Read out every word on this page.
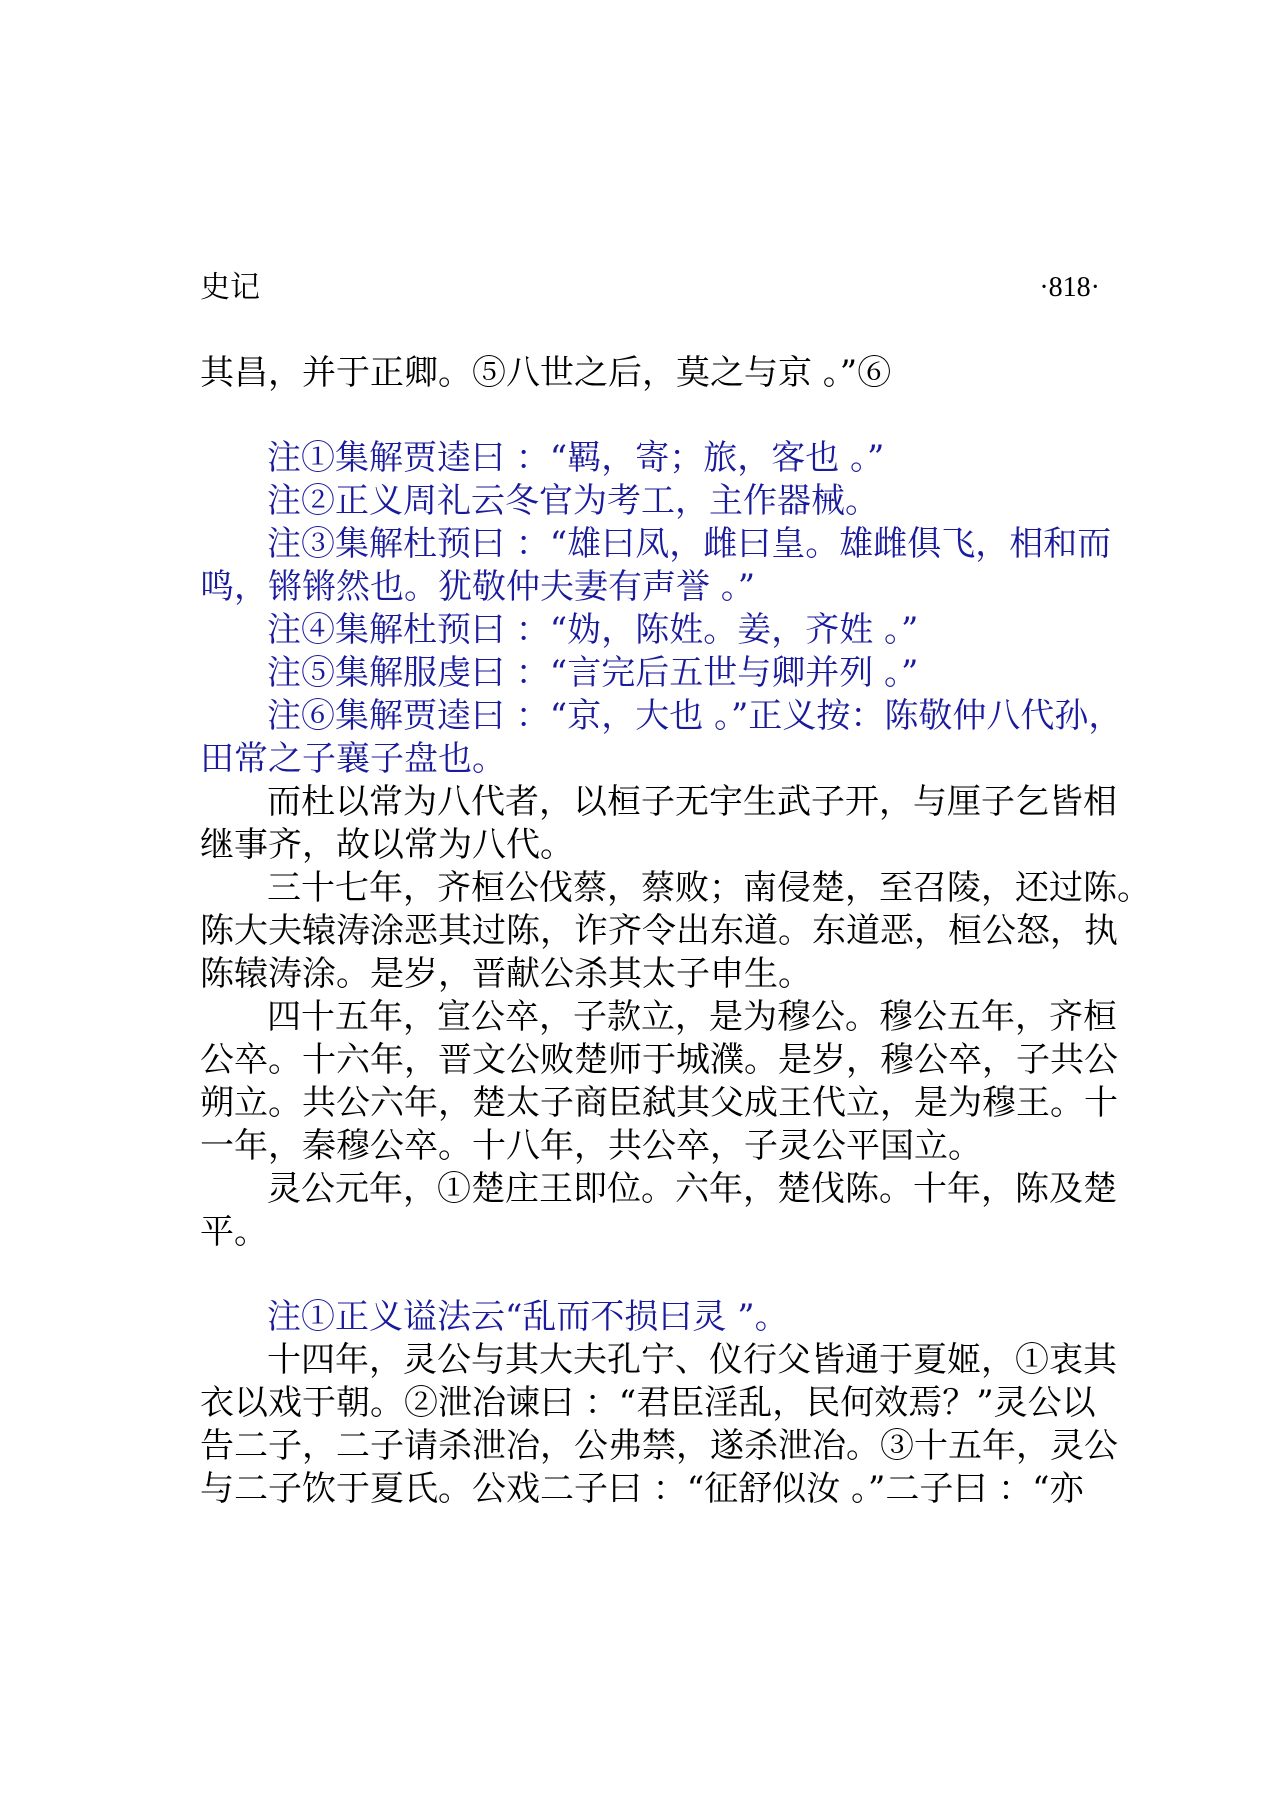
史记	·818·

其昌，并于正卿。⑤八世之后，莫之与京 。”⑥

注①集解贾逵曰 ：“羁，寄；旅，客也 。”

注②正义周礼云冬官为考工，主作器械。

注③集解杜预曰 ：“雄曰凤，雌曰皇。雄雌俱飞，相和而

鸣，锵锵然也。犹敬仲夫妻有声誉 。”

注④集解杜预曰 ：“妫，陈姓。姜，齐姓 。”

注⑤集解服虔曰 ：“言完后五世与卿并列 。”

注⑥集解贾逵曰 ：“京，大也 。”正义按：陈敬仲八代孙，

田常之子襄子盘也。

而杜以常为八代者，以桓子无宇生武子开，与厘子乞皆相

继事齐，故以常为八代。

三十七年，齐桓公伐蔡，蔡败；南侵楚，至召陵，还过陈。

陈大夫辕涛涂恶其过陈，诈齐令出东道。东道恶，桓公怒，执

陈辕涛涂。是岁，晋献公杀其太子申生。

四十五年，宣公卒，子款立，是为穆公。穆公五年，齐桓

公卒。十六年，晋文公败楚师于城濮。是岁，穆公卒，子共公

朔立。共公六年，楚太子商臣弑其父成王代立，是为穆王。十

一年，秦穆公卒。十八年，共公卒，子灵公平国立。

灵公元年，①楚庄王即位。六年，楚伐陈。十年，陈及楚

平。

注①正义谥法云“乱而不损曰灵 ”。

十四年，灵公与其大夫孔宁、仪行父皆通于夏姬，①衷其

衣以戏于朝。②泄冶谏曰 ：“君臣淫乱，民何效焉？”灵公以

告二子，二子请杀泄冶，公弗禁，遂杀泄冶。③十五年，灵公

与二子饮于夏氏。公戏二子曰 ：“征舒似汝 。”二子曰 ：“亦
